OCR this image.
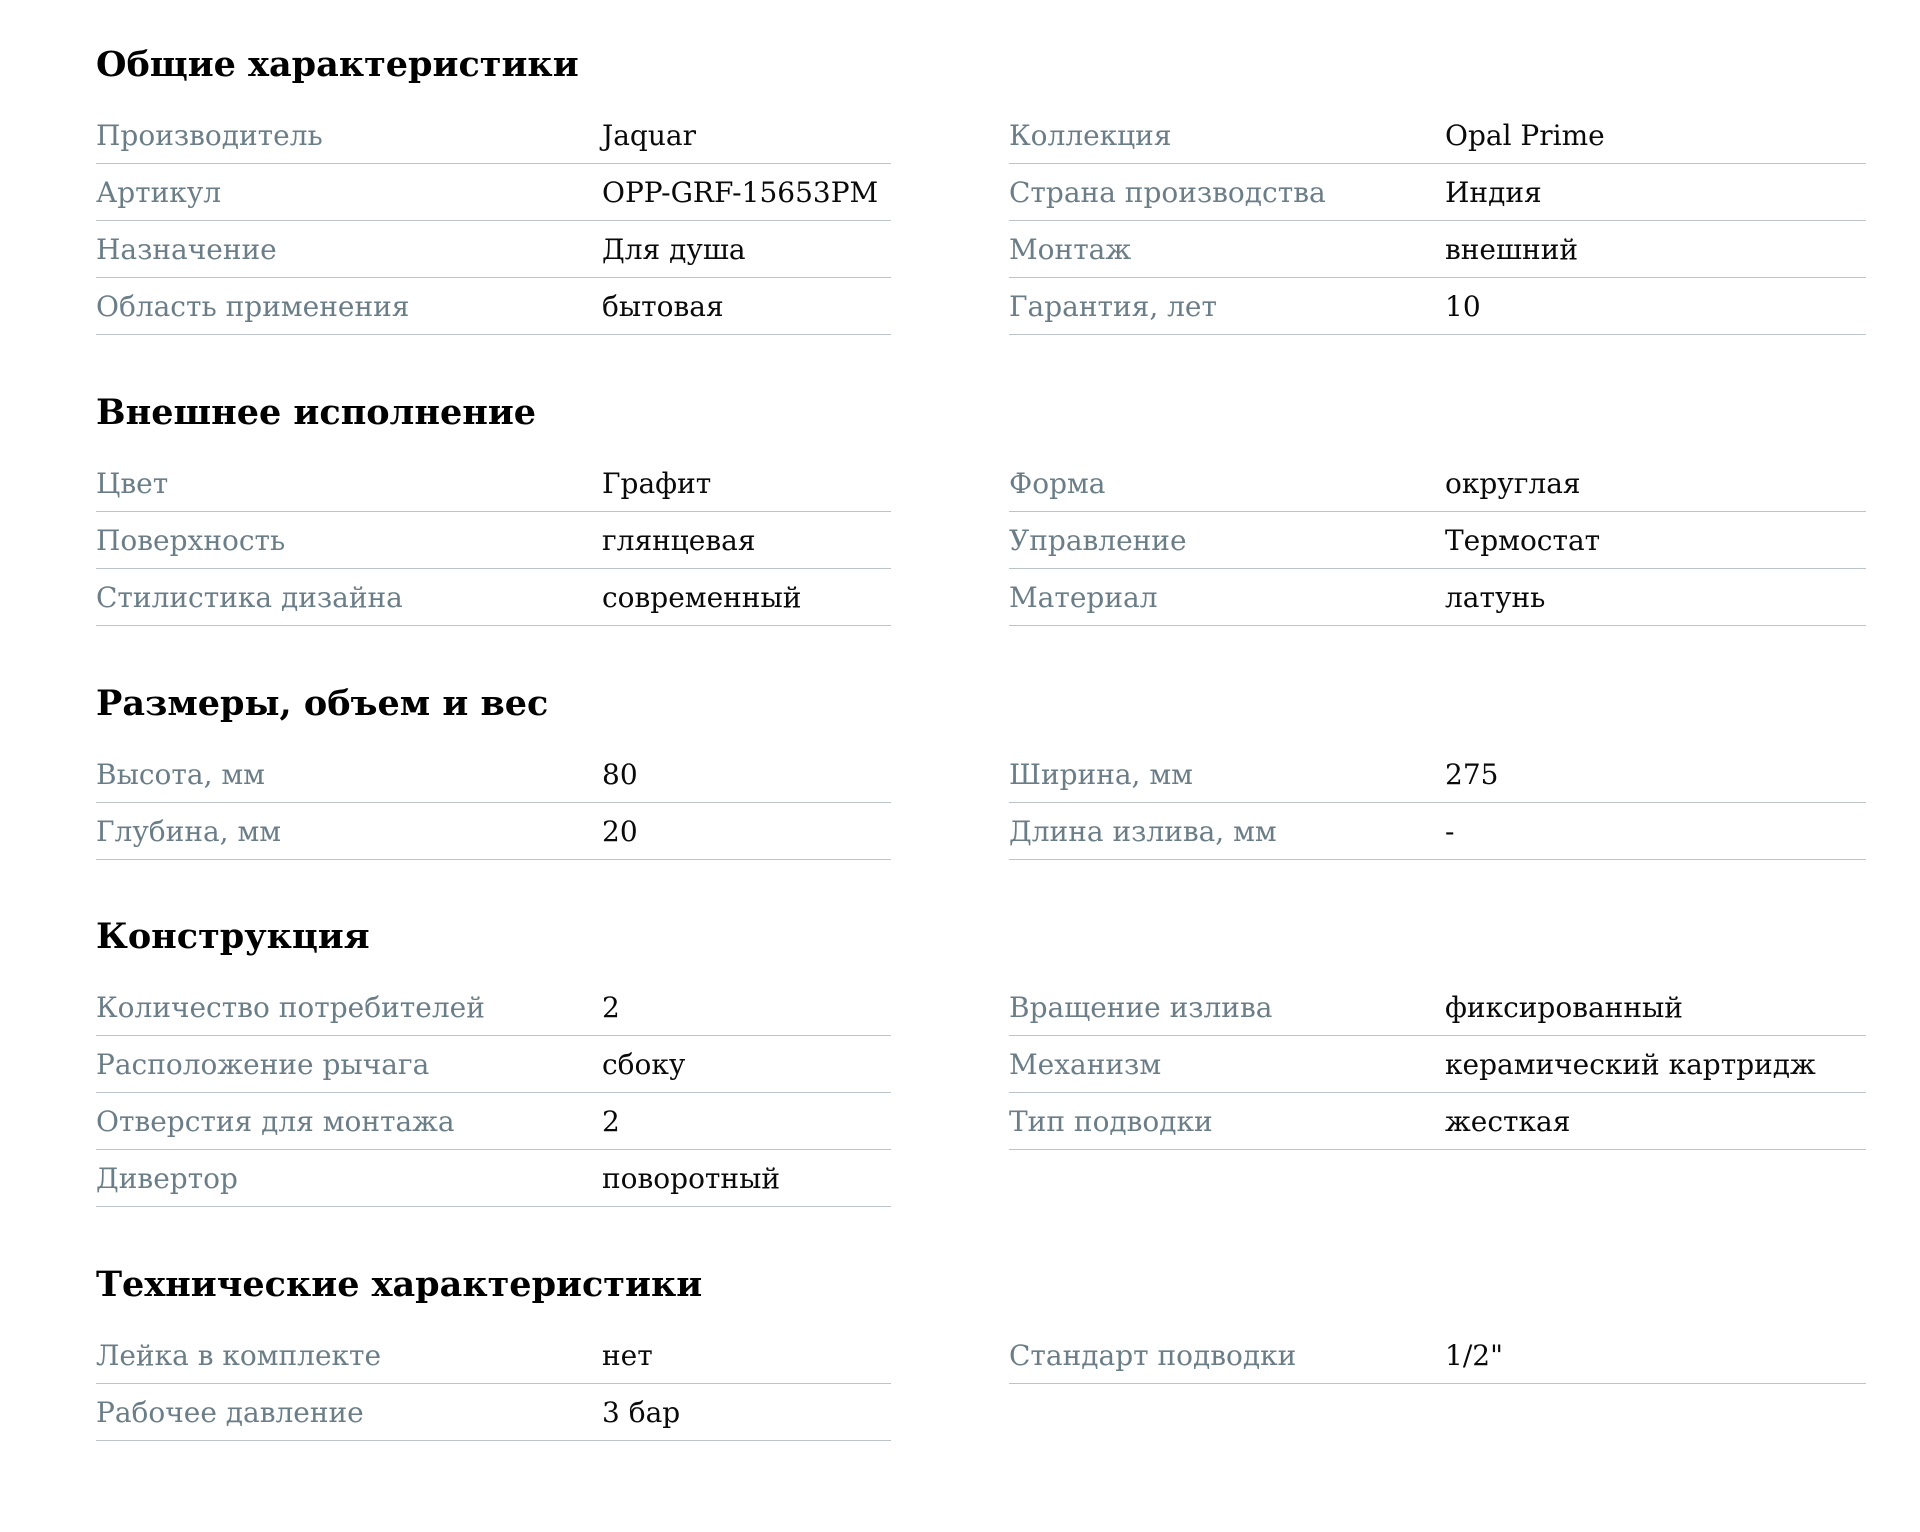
Общие характеристики
Производитель	Jaquar
Артикул	OPP-GRF-15653PM
Назначение	Для душа
Область применения	бытовая
Коллекция	Opal Prime
Страна производства	Индия
Монтаж	внешний
Гарантия, лет	10
Внешнее исполнение
Цвет	Графит
Поверхность	глянцевая
Стилистика дизайна	современный
Форма	округлая
Управление	Термостат
Материал	латунь
Размеры, объем и вес
Высота, мм	80
Глубина, мм	20
Ширина, мм	275
Длина излива, мм	-
Конструкция
Количество потребителей	2
Расположение рычага	сбоку
Отверстия для монтажа	2
Дивертор	поворотный
Вращение излива	фиксированный
Механизм	керамический картридж
Тип подводки	жесткая
Технические характеристики
Лейка в комплекте	нет
Рабочее давление	3 бар
Стандарт подводки	1/2"
